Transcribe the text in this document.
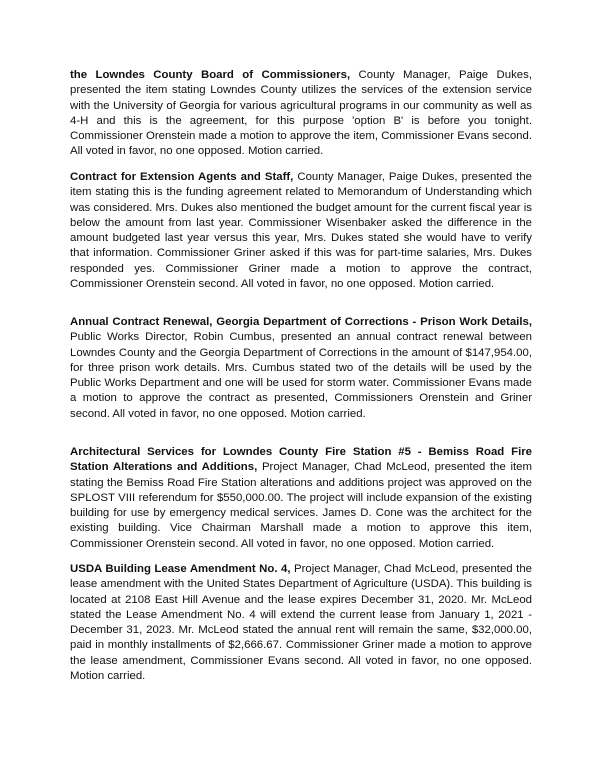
the Lowndes County Board of Commissioners, County Manager, Paige Dukes, presented the item stating Lowndes County utilizes the services of the extension service with the University of Georgia for various agricultural programs in our community as well as 4-H and this is the agreement, for this purpose 'option B' is before you tonight. Commissioner Orenstein made a motion to approve the item, Commissioner Evans second. All voted in favor, no one opposed. Motion carried.

Contract for Extension Agents and Staff, County Manager, Paige Dukes, presented the item stating this is the funding agreement related to Memorandum of Understanding which was considered. Mrs. Dukes also mentioned the budget amount for the current fiscal year is below the amount from last year. Commissioner Wisenbaker asked the difference in the amount budgeted last year versus this year, Mrs. Dukes stated she would have to verify that information. Commissioner Griner asked if this was for part-time salaries, Mrs. Dukes responded yes. Commissioner Griner made a motion to approve the contract, Commissioner Orenstein second. All voted in favor, no one opposed. Motion carried.

Annual Contract Renewal, Georgia Department of Corrections - Prison Work Details, Public Works Director, Robin Cumbus, presented an annual contract renewal between Lowndes County and the Georgia Department of Corrections in the amount of $147,954.00, for three prison work details. Mrs. Cumbus stated two of the details will be used by the Public Works Department and one will be used for storm water. Commissioner Evans made a motion to approve the contract as presented, Commissioners Orenstein and Griner second. All voted in favor, no one opposed. Motion carried.

Architectural Services for Lowndes County Fire Station #5 - Bemiss Road Fire Station Alterations and Additions, Project Manager, Chad McLeod, presented the item stating the Bemiss Road Fire Station alterations and additions project was approved on the SPLOST VIII referendum for $550,000.00. The project will include expansion of the existing building for use by emergency medical services. James D. Cone was the architect for the existing building. Vice Chairman Marshall made a motion to approve this item, Commissioner Orenstein second. All voted in favor, no one opposed. Motion carried.

USDA Building Lease Amendment No. 4, Project Manager, Chad McLeod, presented the lease amendment with the United States Department of Agriculture (USDA). This building is located at 2108 East Hill Avenue and the lease expires December 31, 2020. Mr. McLeod stated the Lease Amendment No. 4 will extend the current lease from January 1, 2021 - December 31, 2023. Mr. McLeod stated the annual rent will remain the same, $32,000.00, paid in monthly installments of $2,666.67. Commissioner Griner made a motion to approve the lease amendment, Commissioner Evans second. All voted in favor, no one opposed. Motion carried.
